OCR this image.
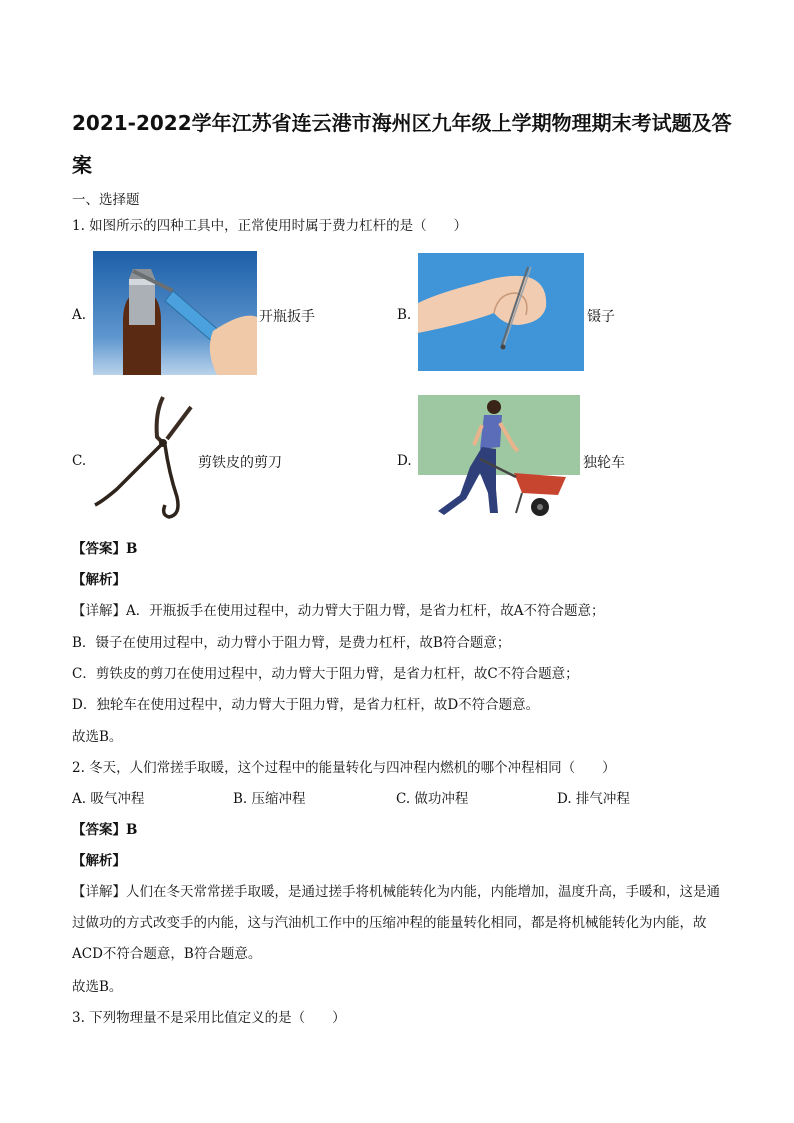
2021-2022学年江苏省连云港市海州区九年级上学期物理期末考试题及答案
一、选择题
1. 如图所示的四种工具中，正常使用时属于费力杠杆的是（　　）
A.	开瓶扳手	B.	镊子
C.	剪铁皮的剪刀	D.	独轮车
【答案】B
【解析】
【详解】A．开瓶扳手在使用过程中，动力臂大于阻力臂，是省力杠杆，故A不符合题意；
B．镊子在使用过程中，动力臂小于阻力臂，是费力杠杆，故B符合题意；
C．剪铁皮的剪刀在使用过程中，动力臂大于阻力臂，是省力杠杆，故C不符合题意；
D．独轮车在使用过程中，动力臂大于阻力臂，是省力杠杆，故D不符合题意。
故选B。
2. 冬天，人们常搓手取暖，这个过程中的能量转化与四冲程内燃机的哪个冲程相同（　　）
A. 吸气冲程	B. 压缩冲程	C. 做功冲程	D. 排气冲程
【答案】B
【解析】
【详解】人们在冬天常常搓手取暖，是通过搓手将机械能转化为内能，内能增加，温度升高，手暖和，这是通过做功的方式改变手的内能，这与汽油机工作中的压缩冲程的能量转化相同，都是将机械能转化为内能，故ACD不符合题意，B符合题意。
故选B。
3. 下列物理量不是采用比值定义的是（　　）
